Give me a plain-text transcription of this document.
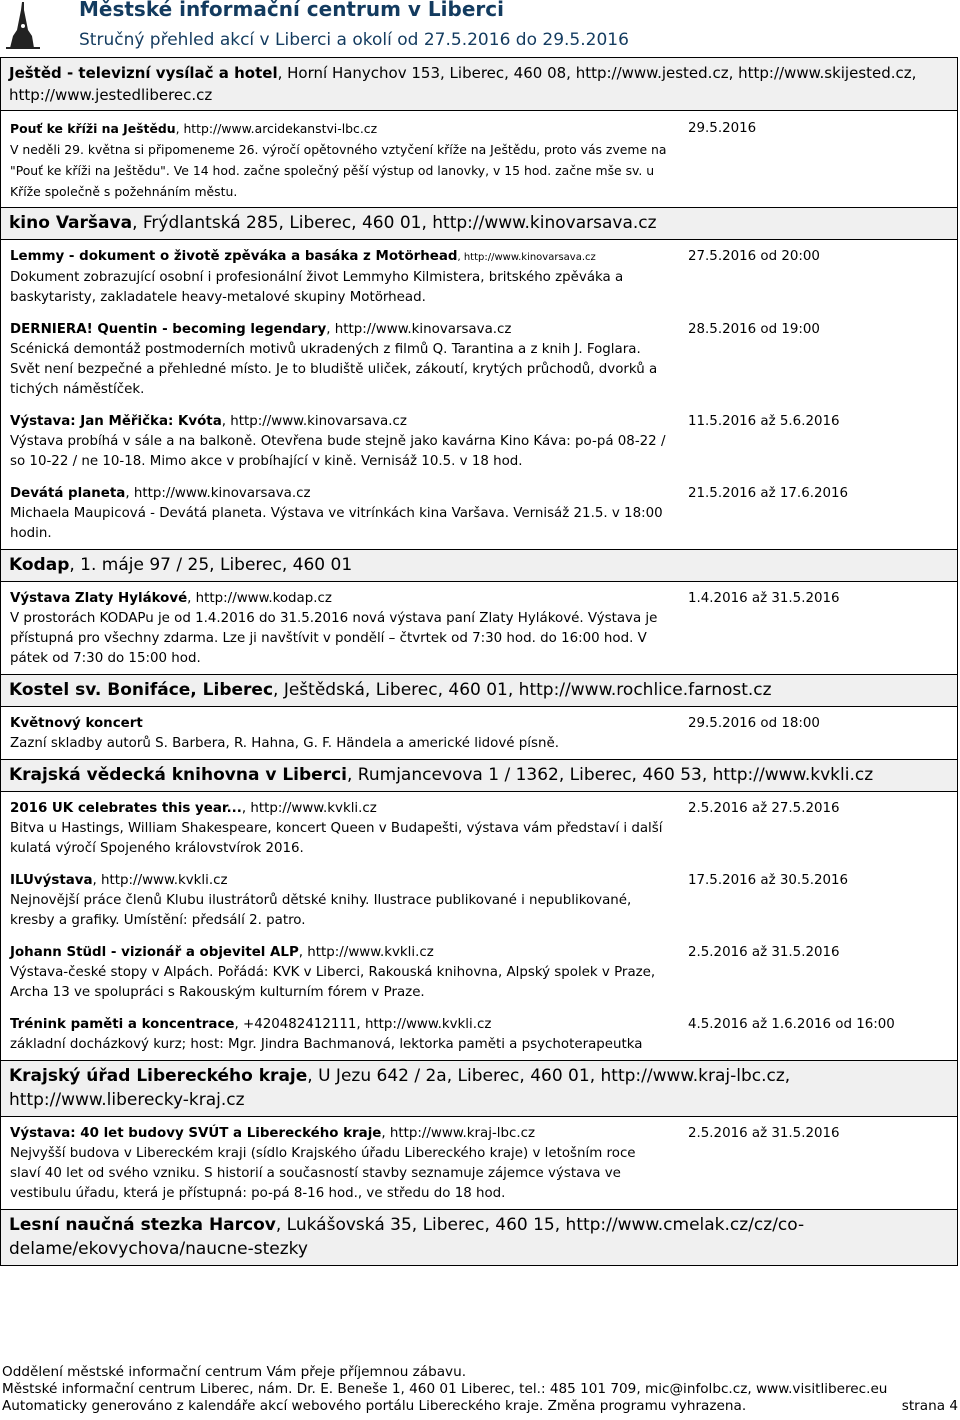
Městské informační centrum v Liberci
Stručný přehled akcí v Liberci a okolí od 27.5.2016 do 29.5.2016
Ještěd - televizní vysílač a hotel, Horní Hanychov 153, Liberec, 460 08, http://www.jested.cz, http://www.skijested.cz, http://www.jestedliberec.cz
Pouť ke kříži na Ještědu, http://www.arcidekanstvi-lbc.cz
V neděli 29. května si připomeneme 26. výročí opětovného vztyčení kříže na Ještědu, proto vás zveme na "Pouť ke kříži na Ještědu". Ve 14 hod. začne společný pěší výstup od lanovky, v 15 hod. začne mše sv. u Kříže společně s požehnáním městu.
29.5.2016
kino Varšava, Frýdlantská 285, Liberec, 460 01, http://www.kinovarsava.cz
Lemmy - dokument o životě zpěváka a basáka z Motörhead, http://www.kinovarsava.cz
Dokument zobrazující osobní i profesionální život Lemmyho Kilmistera, britského zpěváka a baskytaristy, zakladatele heavy-metalové skupiny Motörhead.
27.5.2016 od 20:00
DERNIERA! Quentin - becoming legendary, http://www.kinovarsava.cz
Scénická demontáž postmoderních motivů ukradených z filmů Q. Tarantina a z knih J. Foglara. Svět není bezpečné a přehledné místo. Je to bludiště uliček, zákoutí, krytých průchodů, dvorků a tichých náměstíček.
28.5.2016 od 19:00
Výstava: Jan Měřička: Kvóta, http://www.kinovarsava.cz
Výstava probíhá v sále a na balkoně. Otevřena bude stejně jako kavárna Kino Káva: po-pá 08-22 / so 10-22 / ne 10-18. Mimo akce v probíhající v kině. Vernisáž 10.5. v 18 hod.
11.5.2016 až 5.6.2016
Devátá planeta, http://www.kinovarsava.cz
Michaela Maupicová - Devátá planeta. Výstava ve vitrínkách kina Varšava. Vernisáž 21.5. v 18:00 hodin.
21.5.2016 až 17.6.2016
Kodap, 1. máje 97 / 25, Liberec, 460 01
Výstava Zlaty Hylákové, http://www.kodap.cz
V prostorách KODAPu je od 1.4.2016 do 31.5.2016 nová výstava paní Zlaty Hylákové. Výstava je přístupná pro všechny zdarma. Lze ji navštívit v pondělí – čtvrtek od 7:30 hod. do 16:00 hod. V pátek od 7:30 do 15:00 hod.
1.4.2016 až 31.5.2016
Kostel sv. Bonifáce, Liberec, Ještědská, Liberec, 460 01, http://www.rochlice.farnost.cz
Květnový koncert
Zazní skladby autorů S. Barbera, R. Hahna, G. F. Händela a americké lidové písně.
29.5.2016 od 18:00
Krajská vědecká knihovna v Liberci, Rumjancevova 1 / 1362, Liberec, 460 53, http://www.kvkli.cz
2016 UK celebrates this year..., http://www.kvkli.cz
Bitva u Hastings, William Shakespeare, koncert Queen v Budapešti, výstava vám představí i další kulatá výročí Spojeného královstvírok 2016.
2.5.2016 až 27.5.2016
ILUvýstava, http://www.kvkli.cz
Nejnovější práce členů Klubu ilustrátorů dětské knihy. Ilustrace publikované i nepublikované, kresby a grafiky. Umístění: předsálí 2. patro.
17.5.2016 až 30.5.2016
Johann Stüdl - vizionář a objevitel ALP, http://www.kvkli.cz
Výstava-české stopy v Alpách. Pořádá: KVK v Liberci, Rakouská knihovna, Alpský spolek v Praze, Archa 13 ve spolupráci s Rakouským kulturním fórem v Praze.
2.5.2016 až 31.5.2016
Trénink paměti a koncentrace, +420482412111, http://www.kvkli.cz
základní docházkový kurz; host: Mgr. Jindra Bachmanová, lektorka paměti a psychoterapeutka
4.5.2016 až 1.6.2016 od 16:00
Krajský úřad Libereckého kraje, U Jezu 642 / 2a, Liberec, 460 01, http://www.kraj-lbc.cz, http://www.liberecky-kraj.cz
Výstava: 40 let budovy SVÚT a Libereckého kraje, http://www.kraj-lbc.cz
Nejvyšší budova v Libereckém kraji (sídlo Krajského úřadu Libereckého kraje) v letošním roce slaví 40 let od svého vzniku. S historií a současností stavby seznamuje zájemce výstava ve vestibulu úřadu, která je přístupná: po-pá 8-16 hod., ve středu do 18 hod.
2.5.2016 až 31.5.2016
Lesní naučná stezka Harcov, Lukášovská 35, Liberec, 460 15, http://www.cmelak.cz/cz/co-delame/ekovychova/naucne-stezky
Oddělení městské informační centrum Vám přeje příjemnou zábavu.
Městské informační centrum Liberec, nám. Dr. E. Beneše 1, 460 01 Liberec, tel.: 485 101 709, mic@infolbc.cz, www.visitliberec.eu
Automaticky generováno z kalendáře akcí webového portálu Libereckého kraje. Změna programu vyhrazena.	strana 4
